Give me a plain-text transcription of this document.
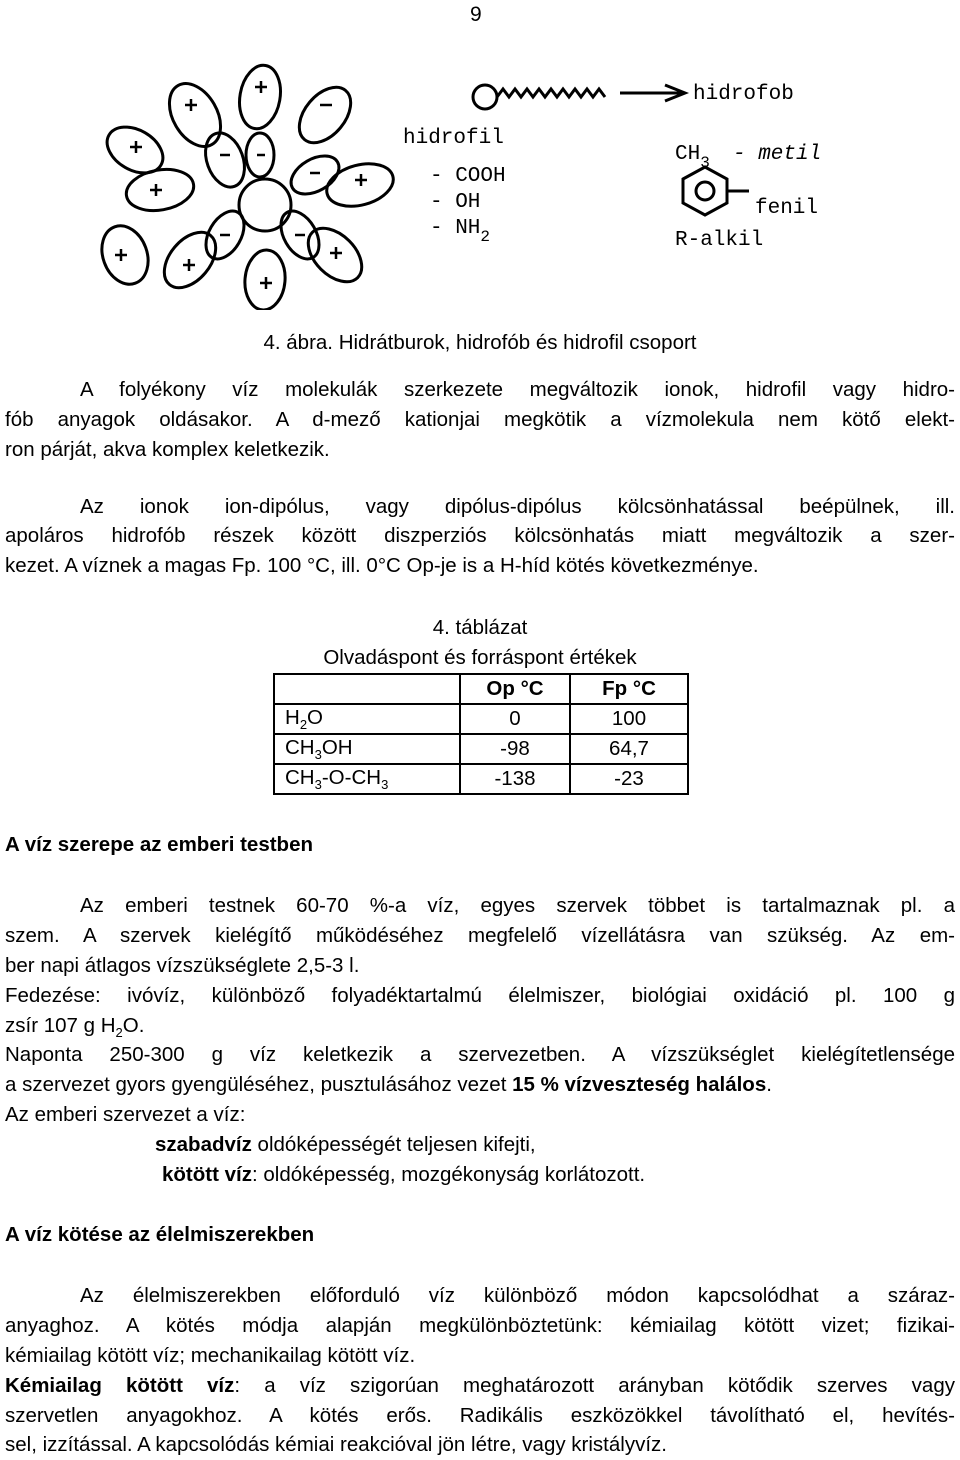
9
hidrofob
hidrofil
- COOH
- OH
- $NH_2$
$CH_3$ - metil
fenil
R-alkil
4. ábra. Hidrátburok, hidrofób és hidrofil csoport
A folyékony víz molekulák szerkezete megváltozik ionok, hidrofil vagy hidro-
fób anyagok oldásakor. A d-mező kationjai megkötik a vízmolekula nem kötő elekt-
ron párját, akva komplex keletkezik.
Az ionok ion-dipólus, vagy dipólus-dipólus kölcsönhatással beépülnek, ill.
apoláros hidrofób részek között diszperziós kölcsönhatás miatt megváltozik a szer-
kezet. A víznek a magas Fp. 100 °C, ill. 0°C Op-je is a H-híd kötés következménye.
4. táblázat
Olvadáspont és forráspont értékek
	Op °C	Fp °C
$H_2O$	0	100
$CH_3OH$	-98	64,7
$CH_3-O-CH_3$	-138	-23
A víz szerepe az emberi testben
Az emberi testnek 60-70 %-a víz, egyes szervek többet is tartalmaznak pl. a
szem. A szervek kielégítő működéséhez megfelelő vízellátásra van szükség. Az em-
ber napi átlagos vízszükséglete 2,5-3 l.
Fedezése: ivóvíz, különböző folyadéktartalmú élelmiszer, biológiai oxidáció pl. 100 g
zsír 107 g $H_2O$.
Naponta 250-300 g víz keletkezik a szervezetben. A vízszükséglet kielégítetlensége
a szervezet gyors gyengüléséhez, pusztulásához vezet 15 % vízveszteség halálos.
Az emberi szervezet a víz:
szabadvíz oldóképességét teljesen kifejti,
kötött víz: oldóképesség, mozgékonyság korlátozott.
A víz kötése az élelmiszerekben
Az élelmiszerekben előforduló víz különböző módon kapcsolódhat a száraz-
anyaghoz. A kötés módja alapján megkülönböztetünk: kémiailag kötött vizet; fizikai-
kémiailag kötött víz; mechanikailag kötött víz.
Kémiailag kötött víz: a víz szigorúan meghatározott arányban kötődik szerves vagy
szervetlen anyagokhoz. A kötés erős. Radikális eszközökkel távolítható el, hevítés-
sel, izzítással. A kapcsolódás kémiai reakcióval jön létre, vagy kristályvíz.
